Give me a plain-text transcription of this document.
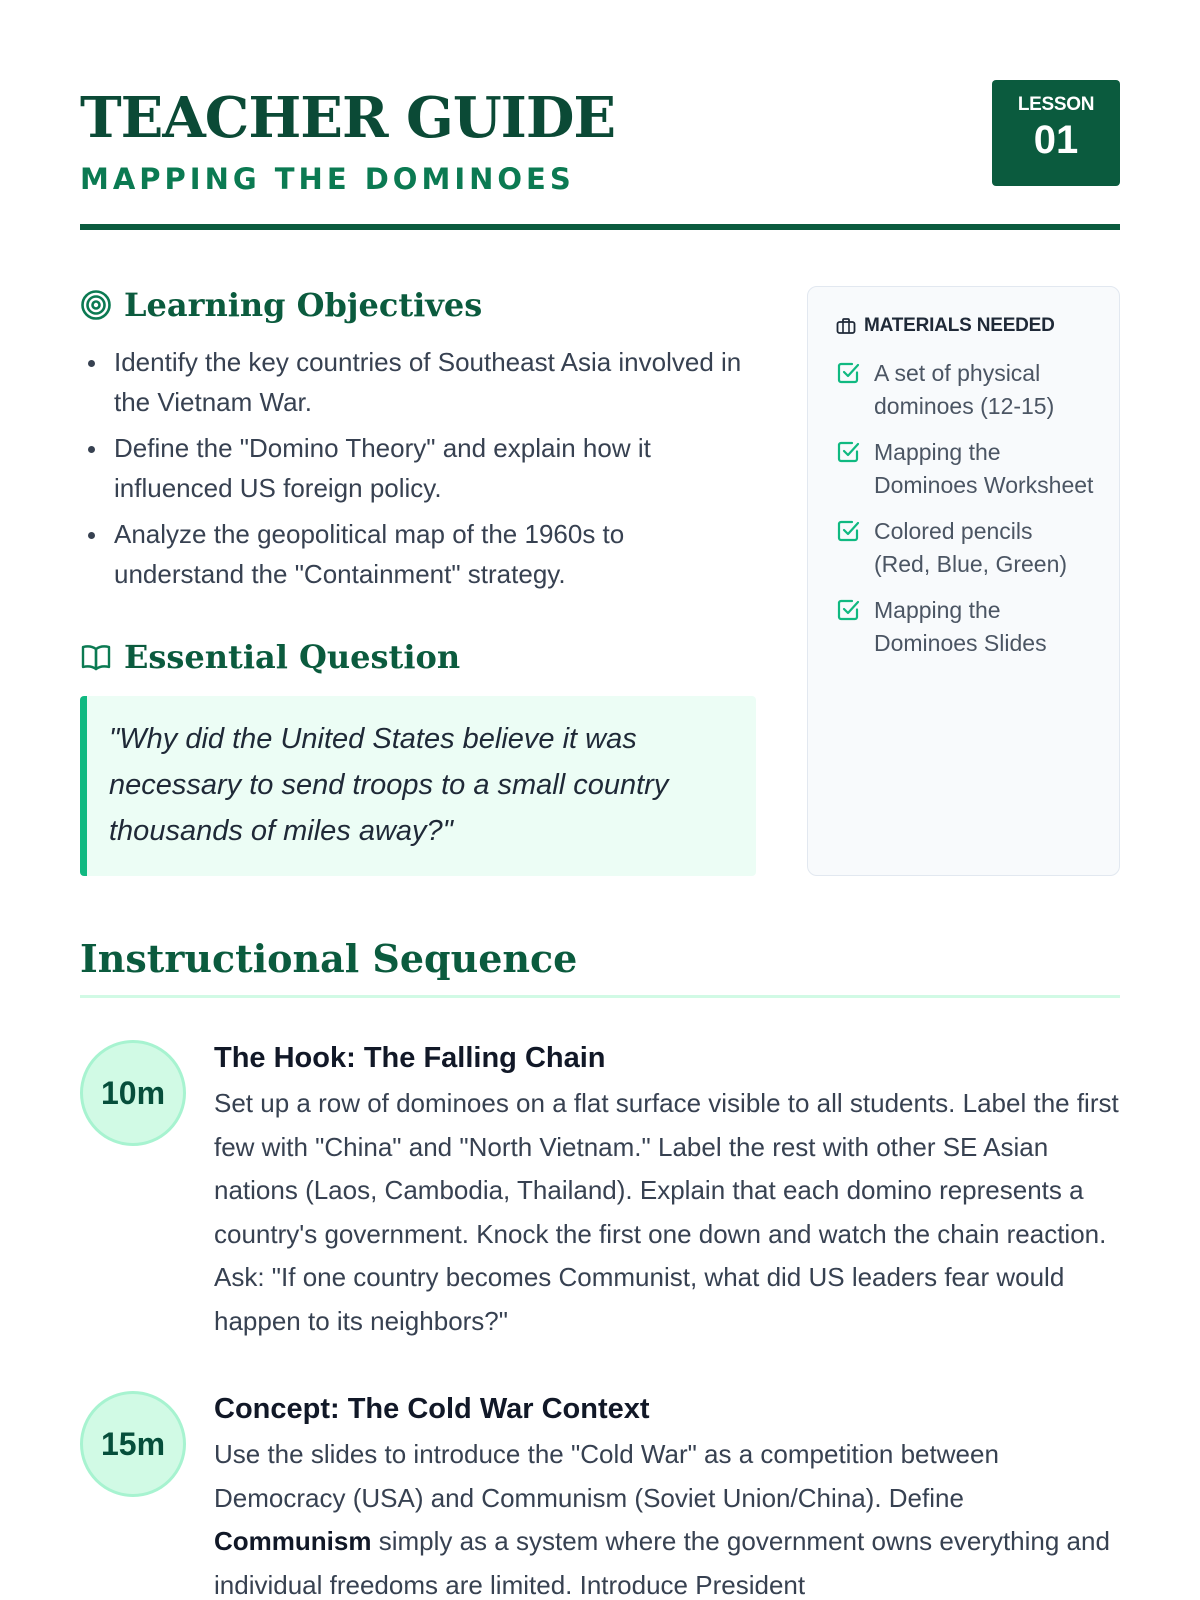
TEACHER GUIDE
MAPPING THE DOMINOES
LESSON
01
Learning Objectives
Identify the key countries of Southeast Asia involved in the Vietnam War.
Define the "Domino Theory" and explain how it influenced US foreign policy.
Analyze the geopolitical map of the 1960s to understand the "Containment" strategy.
Essential Question
"Why did the United States believe it was necessary to send troops to a small country thousands of miles away?"
MATERIALS NEEDED
A set of physical dominoes (12-15)
Mapping the Dominoes Worksheet
Colored pencils (Red, Blue, Green)
Mapping the Dominoes Slides
Instructional Sequence
10m
The Hook: The Falling Chain

Set up a row of dominoes on a flat surface visible to all students. Label the first few with "China" and "North Vietnam." Label the rest with other SE Asian nations (Laos, Cambodia, Thailand). Explain that each domino represents a country's government. Knock the first one down and watch the chain reaction. Ask: "If one country becomes Communist, what did US leaders fear would happen to its neighbors?"

15m
Concept: The Cold War Context

Use the slides to introduce the "Cold War" as a competition between Democracy (USA) and Communism (Soviet Union/China). Define Communism simply as a system where the government owns everything and individual freedoms are limited. Introduce President
